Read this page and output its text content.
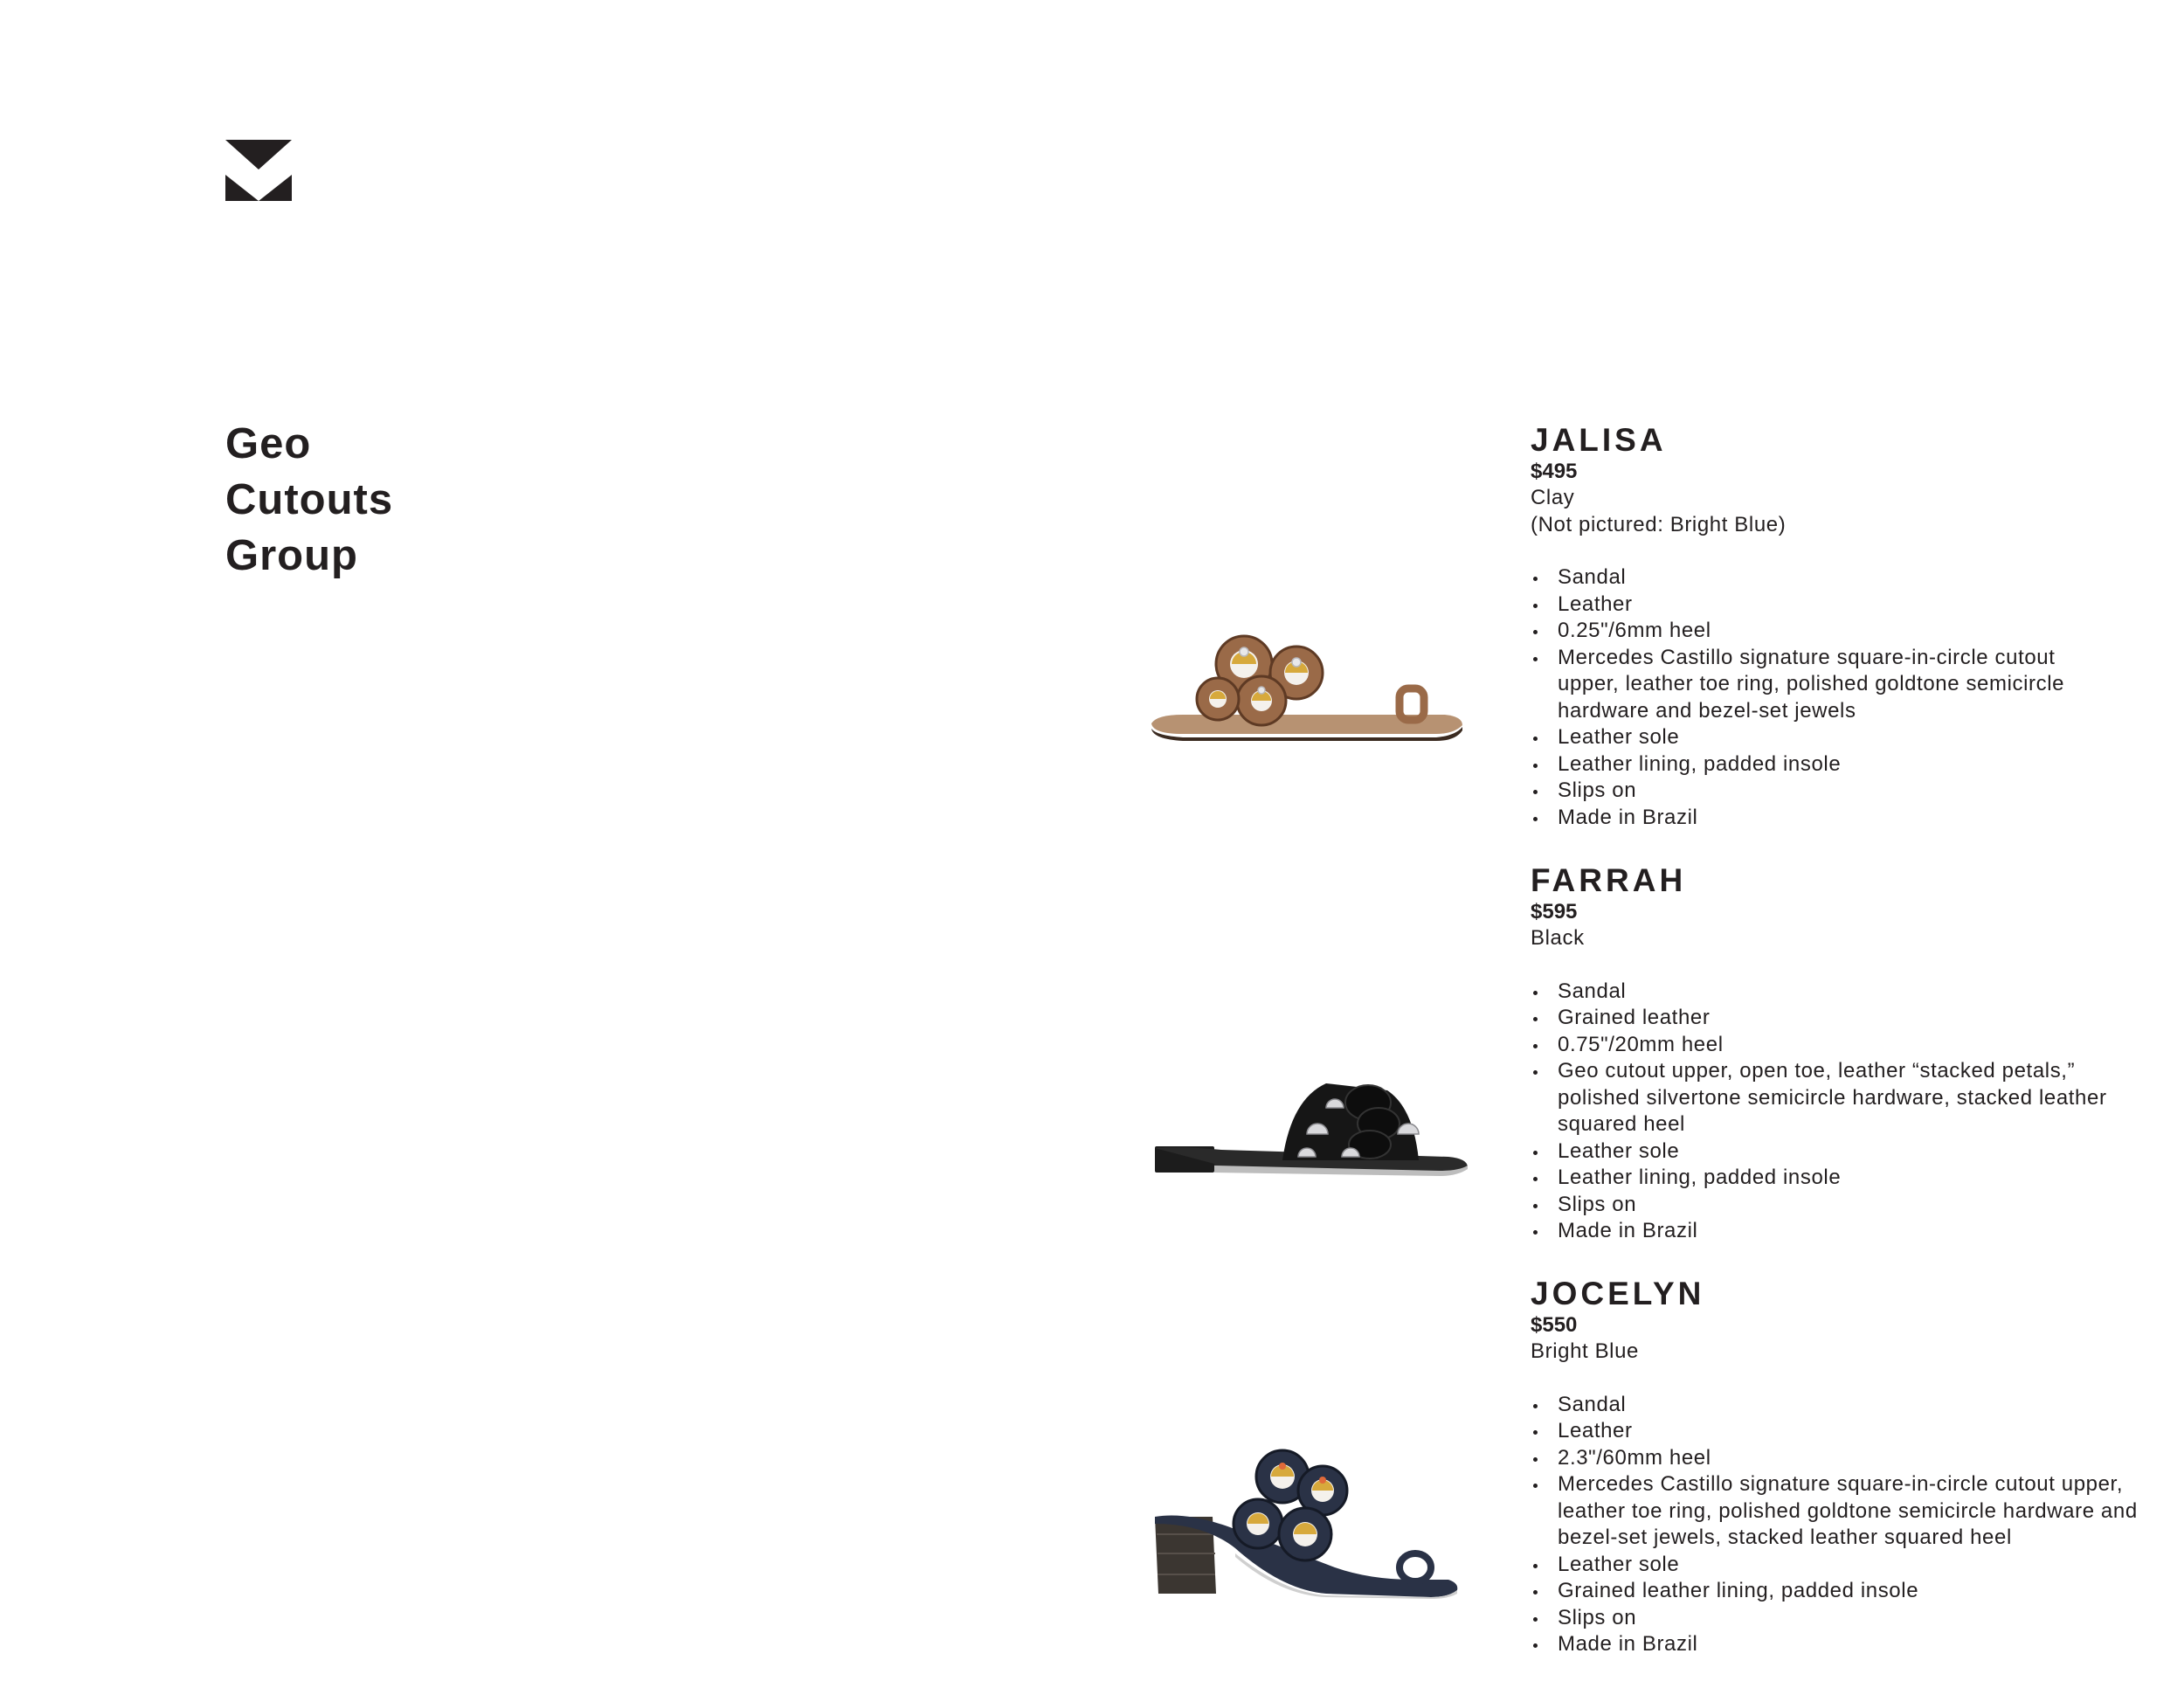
Geo
Cutouts
Group
JALISA

$495

Clay

(Not pictured: Bright Blue)

Sandal
Leather
0.25"/6mm heel
Mercedes Castillo signature square-in-circle cutout upper, leather toe ring, polished goldtone semicircle hardware and bezel-set jewels
Leather sole
Leather lining, padded insole
Slips on
Made in Brazil
FARRAH

$595

Black

Sandal
Grained leather
0.75"/20mm heel
Geo cutout upper, open toe, leather “stacked petals,” polished silvertone semicircle hardware, stacked leather squared heel
Leather sole
Leather lining, padded insole
Slips on
Made in Brazil
JOCELYN

$550

Bright Blue

Sandal
Leather
2.3"/60mm heel
Mercedes Castillo signature square-in-circle cutout upper, leather toe ring, polished goldtone semicircle hardware and bezel-set jewels, stacked leather squared heel
Leather sole
Grained leather lining, padded insole
Slips on
Made in Brazil
